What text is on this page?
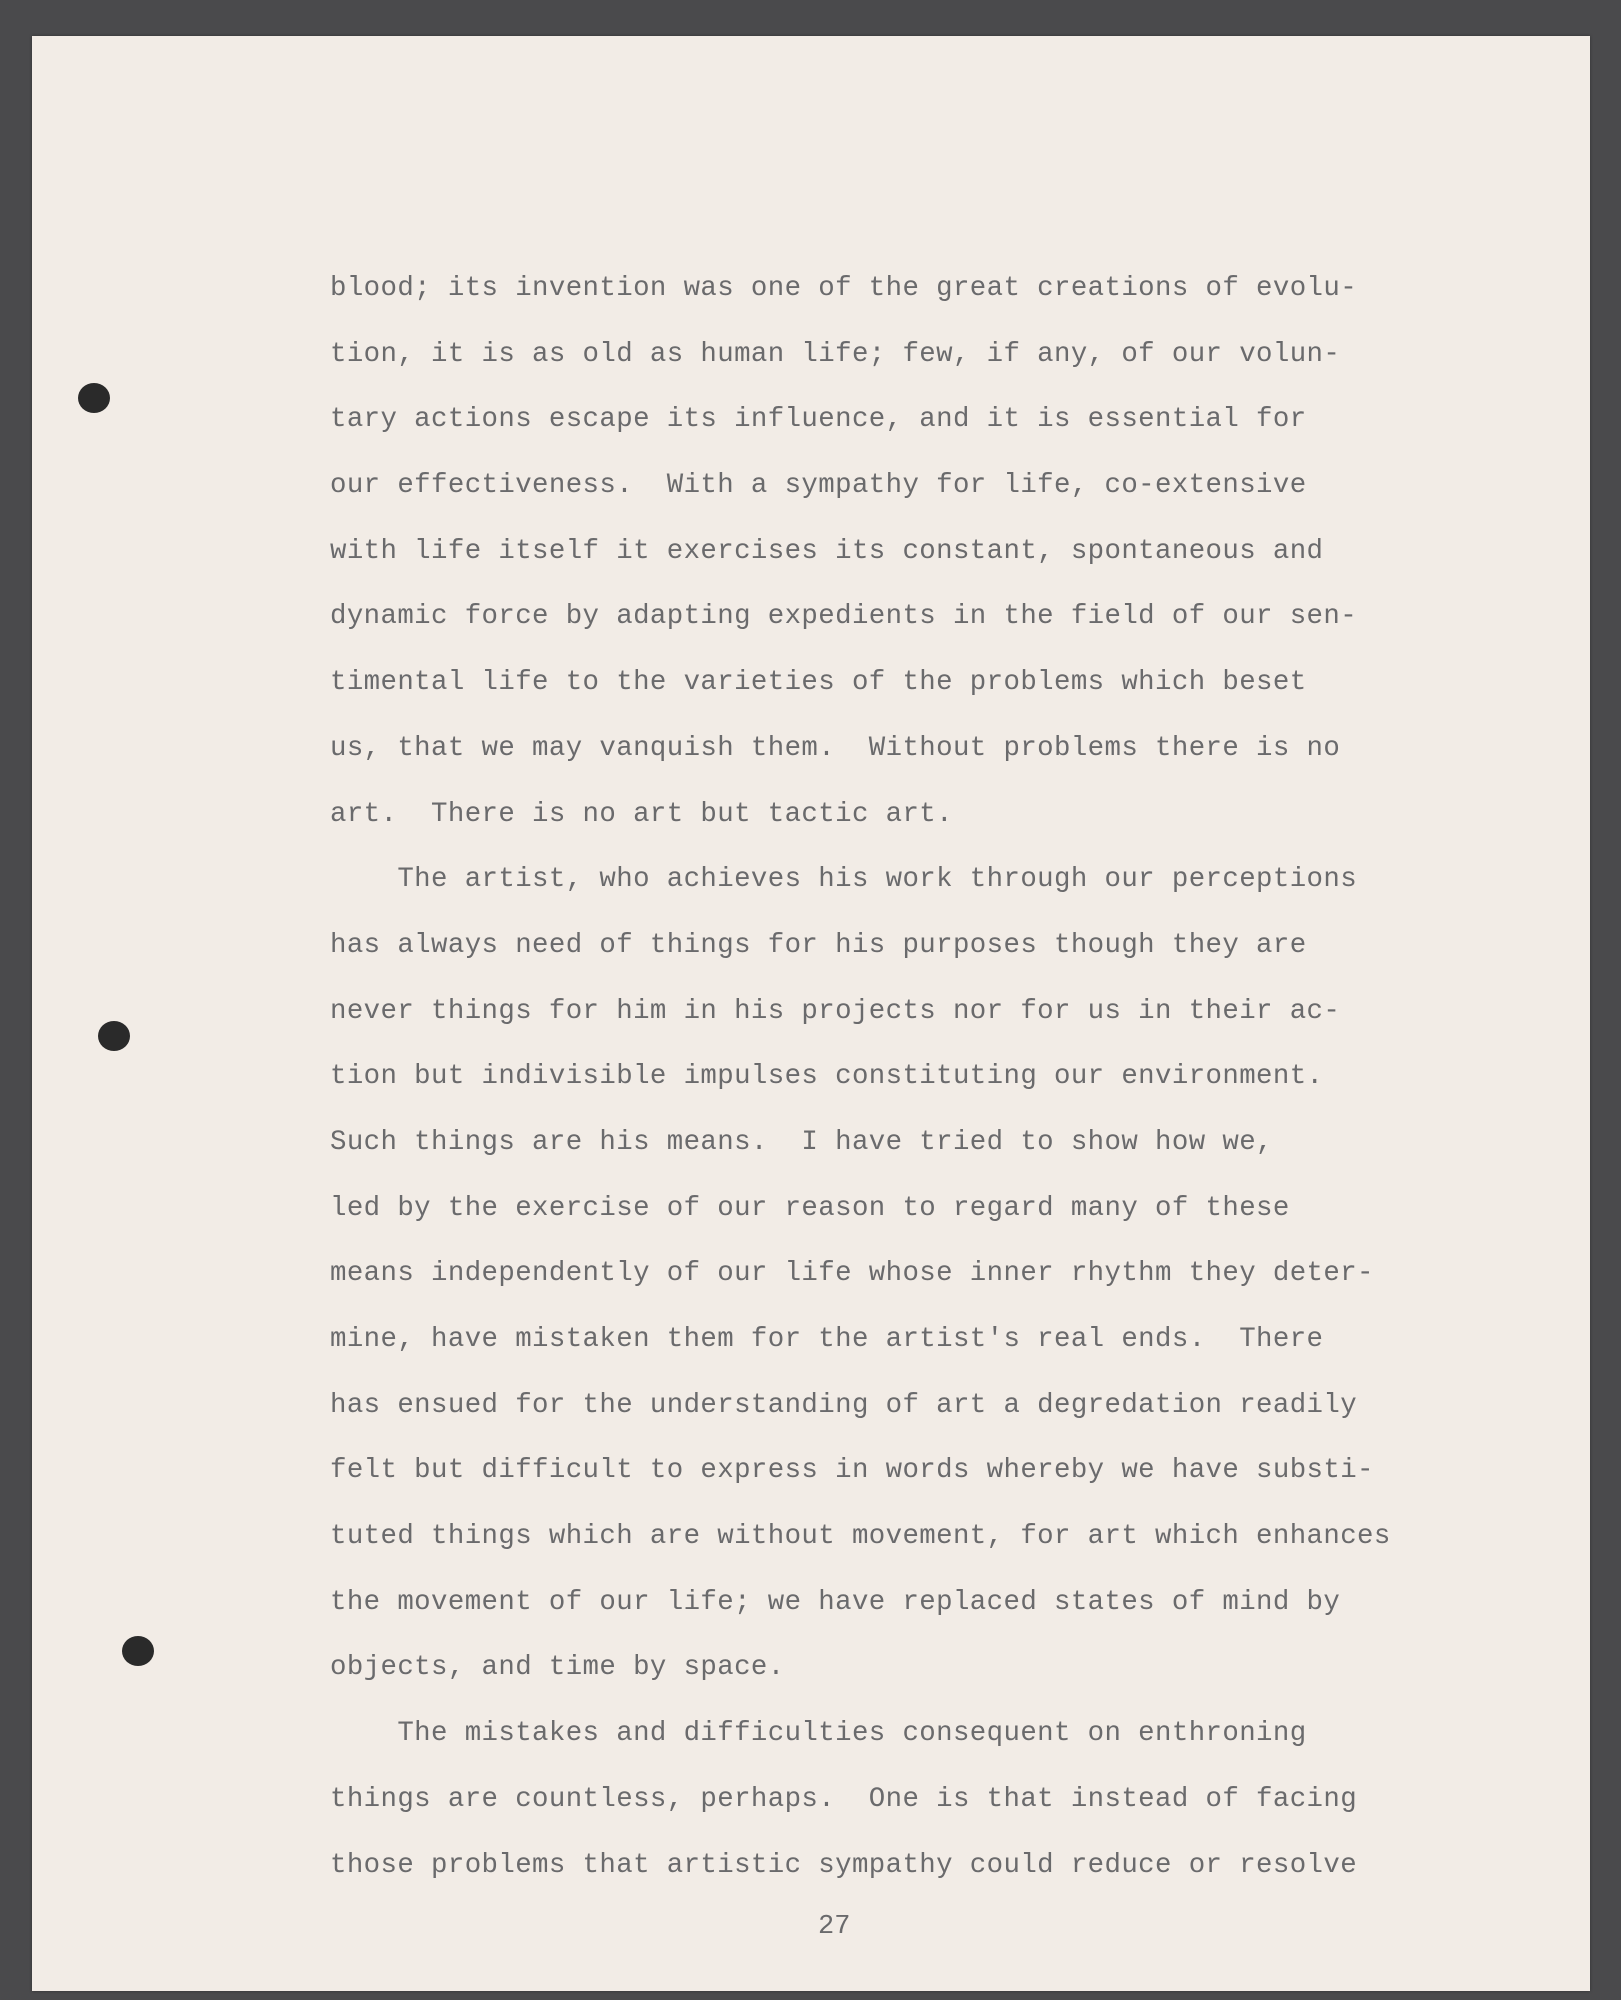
blood; its invention was one of the great creations of evolu-
tion, it is as old as human life; few, if any, of our volun-
tary actions escape its influence, and it is essential for
our effectiveness.  With a sympathy for life, co-extensive
with life itself it exercises its constant, spontaneous and
dynamic force by adapting expedients in the field of our sen-
timental life to the varieties of the problems which beset
us, that we may vanquish them.  Without problems there is no
art.  There is no art but tactic art.
The artist, who achieves his work through our perceptions
has always need of things for his purposes though they are
never things for him in his projects nor for us in their ac-
tion but indivisible impulses constituting our environment.
Such things are his means.  I have tried to show how we,
led by the exercise of our reason to regard many of these
means independently of our life whose inner rhythm they deter-
mine, have mistaken them for the artist's real ends.  There
has ensued for the understanding of art a degredation readily
felt but difficult to express in words whereby we have substi-
tuted things which are without movement, for art which enhances
the movement of our life; we have replaced states of mind by
objects, and time by space.
The mistakes and difficulties consequent on enthroning
things are countless, perhaps.  One is that instead of facing
those problems that artistic sympathy could reduce or resolve
27
